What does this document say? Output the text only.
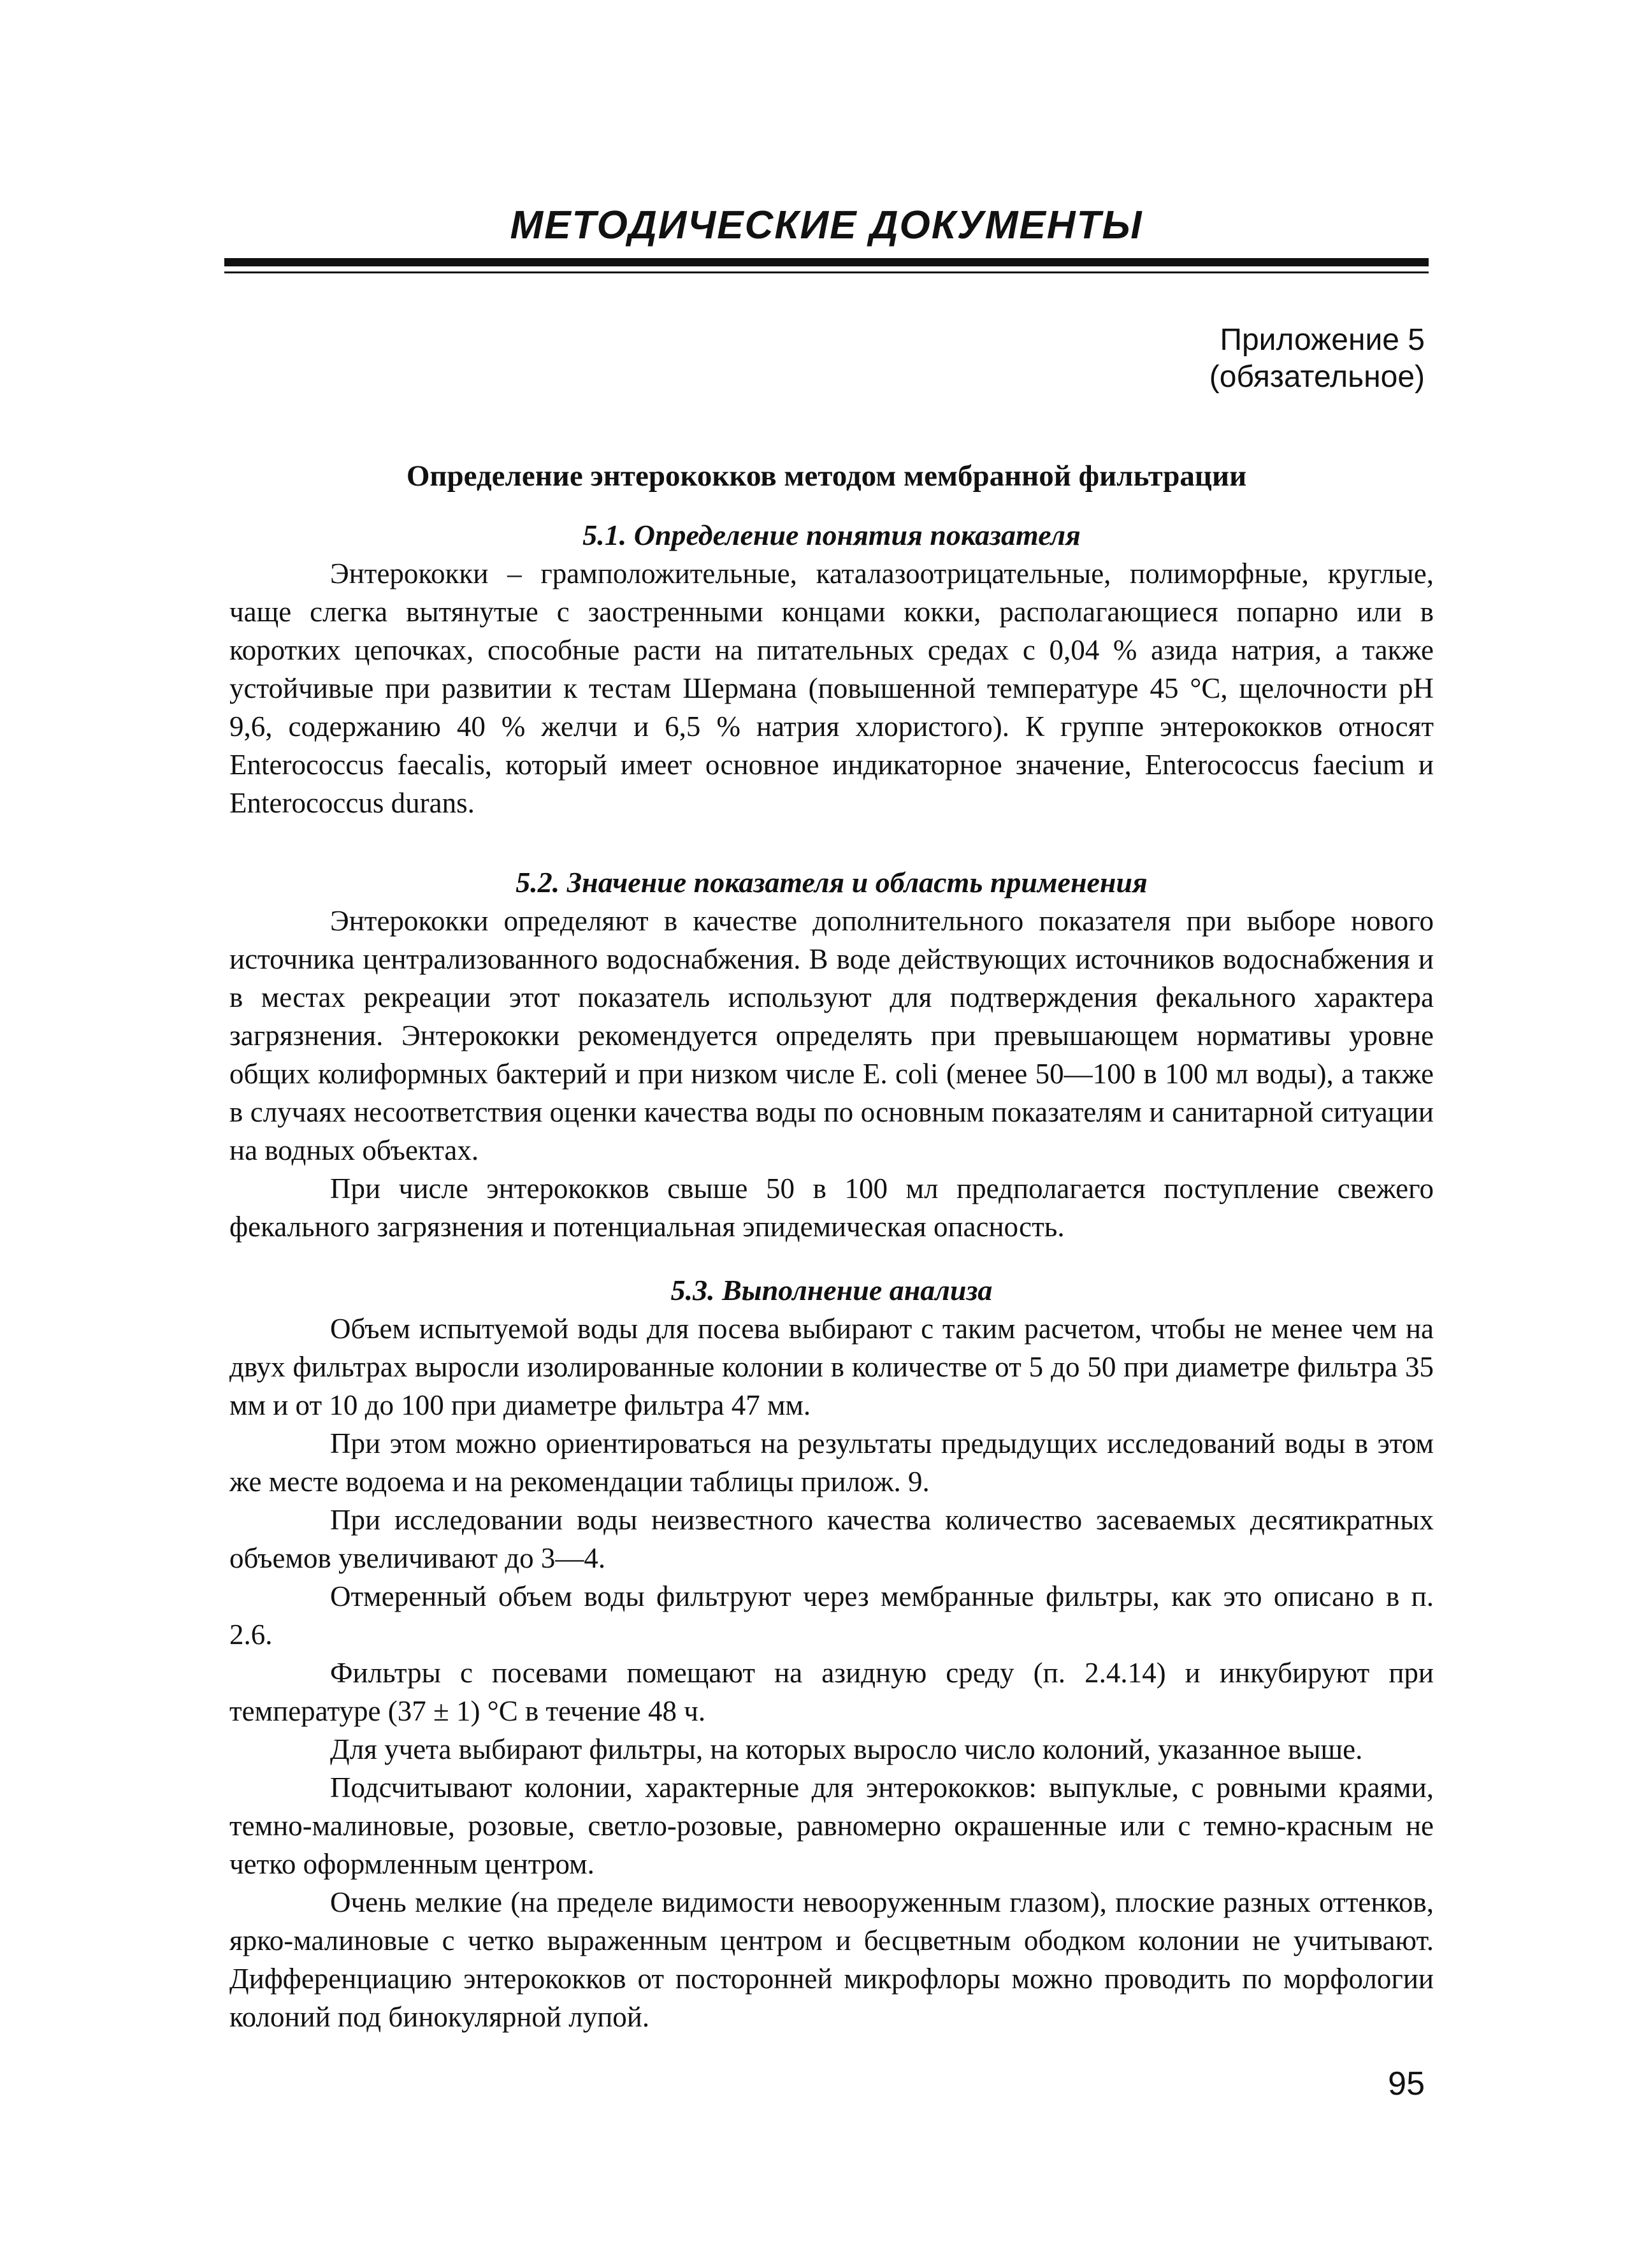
МЕТОДИЧЕСКИЕ ДОКУМЕНТЫ
Приложение 5
(обязательное)
Определение энтерококков методом мембранной фильтрации

5.1. Определение понятия показателя

Энтерококки – грамположительные, каталазоотрицательные, полиморфные, круглые, чаще слегка вытянутые с заостренными концами кокки, располагающиеся попарно или в коротких цепочках, способные расти на питательных средах с 0,04 % азида натрия, а также устойчивые при развитии к тестам Шермана (повышенной температуре 45 °С, щелочности рН 9,6, содержанию 40 % желчи и 6,5 % натрия хлористого). К группе энтерококков относят Enterococcus faecalis, который имеет основное индикаторное значение, Enterococcus faecium и Enterococcus durans.

5.2. Значение показателя и область применения

Энтерококки определяют в качестве дополнительного показателя при выборе нового источника централизованного водоснабжения. В воде действующих источников водоснабжения и в местах рекреации этот показатель используют для подтверждения фекального характера загрязнения. Энтерококки рекомендуется определять при превышающем нормативы уровне общих колиформных бактерий и при низком числе Е. coli (менее 50—100 в 100 мл воды), а также в случаях несоответствия оценки качества воды по основным показателям и санитарной ситуации на водных объектах.

При числе энтерококков свыше 50 в 100 мл предполагается поступление свежего фекального загрязнения и потенциальная эпидемическая опасность.

5.3. Выполнение анализа

Объем испытуемой воды для посева выбирают с таким расчетом, чтобы не менее чем на двух фильтрах выросли изолированные колонии в количестве от 5 до 50 при диаметре фильтра 35 мм и от 10 до 100 при диаметре фильтра 47 мм.

При этом можно ориентироваться на результаты предыдущих исследований воды в этом же месте водоема и на рекомендации таблицы прилож. 9.

При исследовании воды неизвестного качества количество засеваемых десятикратных объемов увеличивают до 3—4.

Отмеренный объем воды фильтруют через мембранные фильтры, как это описано в п. 2.6.

Фильтры с посевами помещают на азидную среду (п. 2.4.14) и инкубируют при температуре (37 ± 1) °С в течение 48 ч.

Для учета выбирают фильтры, на которых выросло число колоний, указанное выше.

Подсчитывают колонии, характерные для энтерококков: выпуклые, с ровными краями, темно-малиновые, розовые, светло-розовые, равномерно окрашенные или с темно-красным не четко оформленным центром.

Очень мелкие (на пределе видимости невооруженным глазом), плоские разных оттенков, ярко-малиновые с четко выраженным центром и бесцветным ободком колонии не учитывают. Дифференциацию энтерококков от посторонней микрофлоры можно проводить по морфологии колоний под бинокулярной лупой.

95
